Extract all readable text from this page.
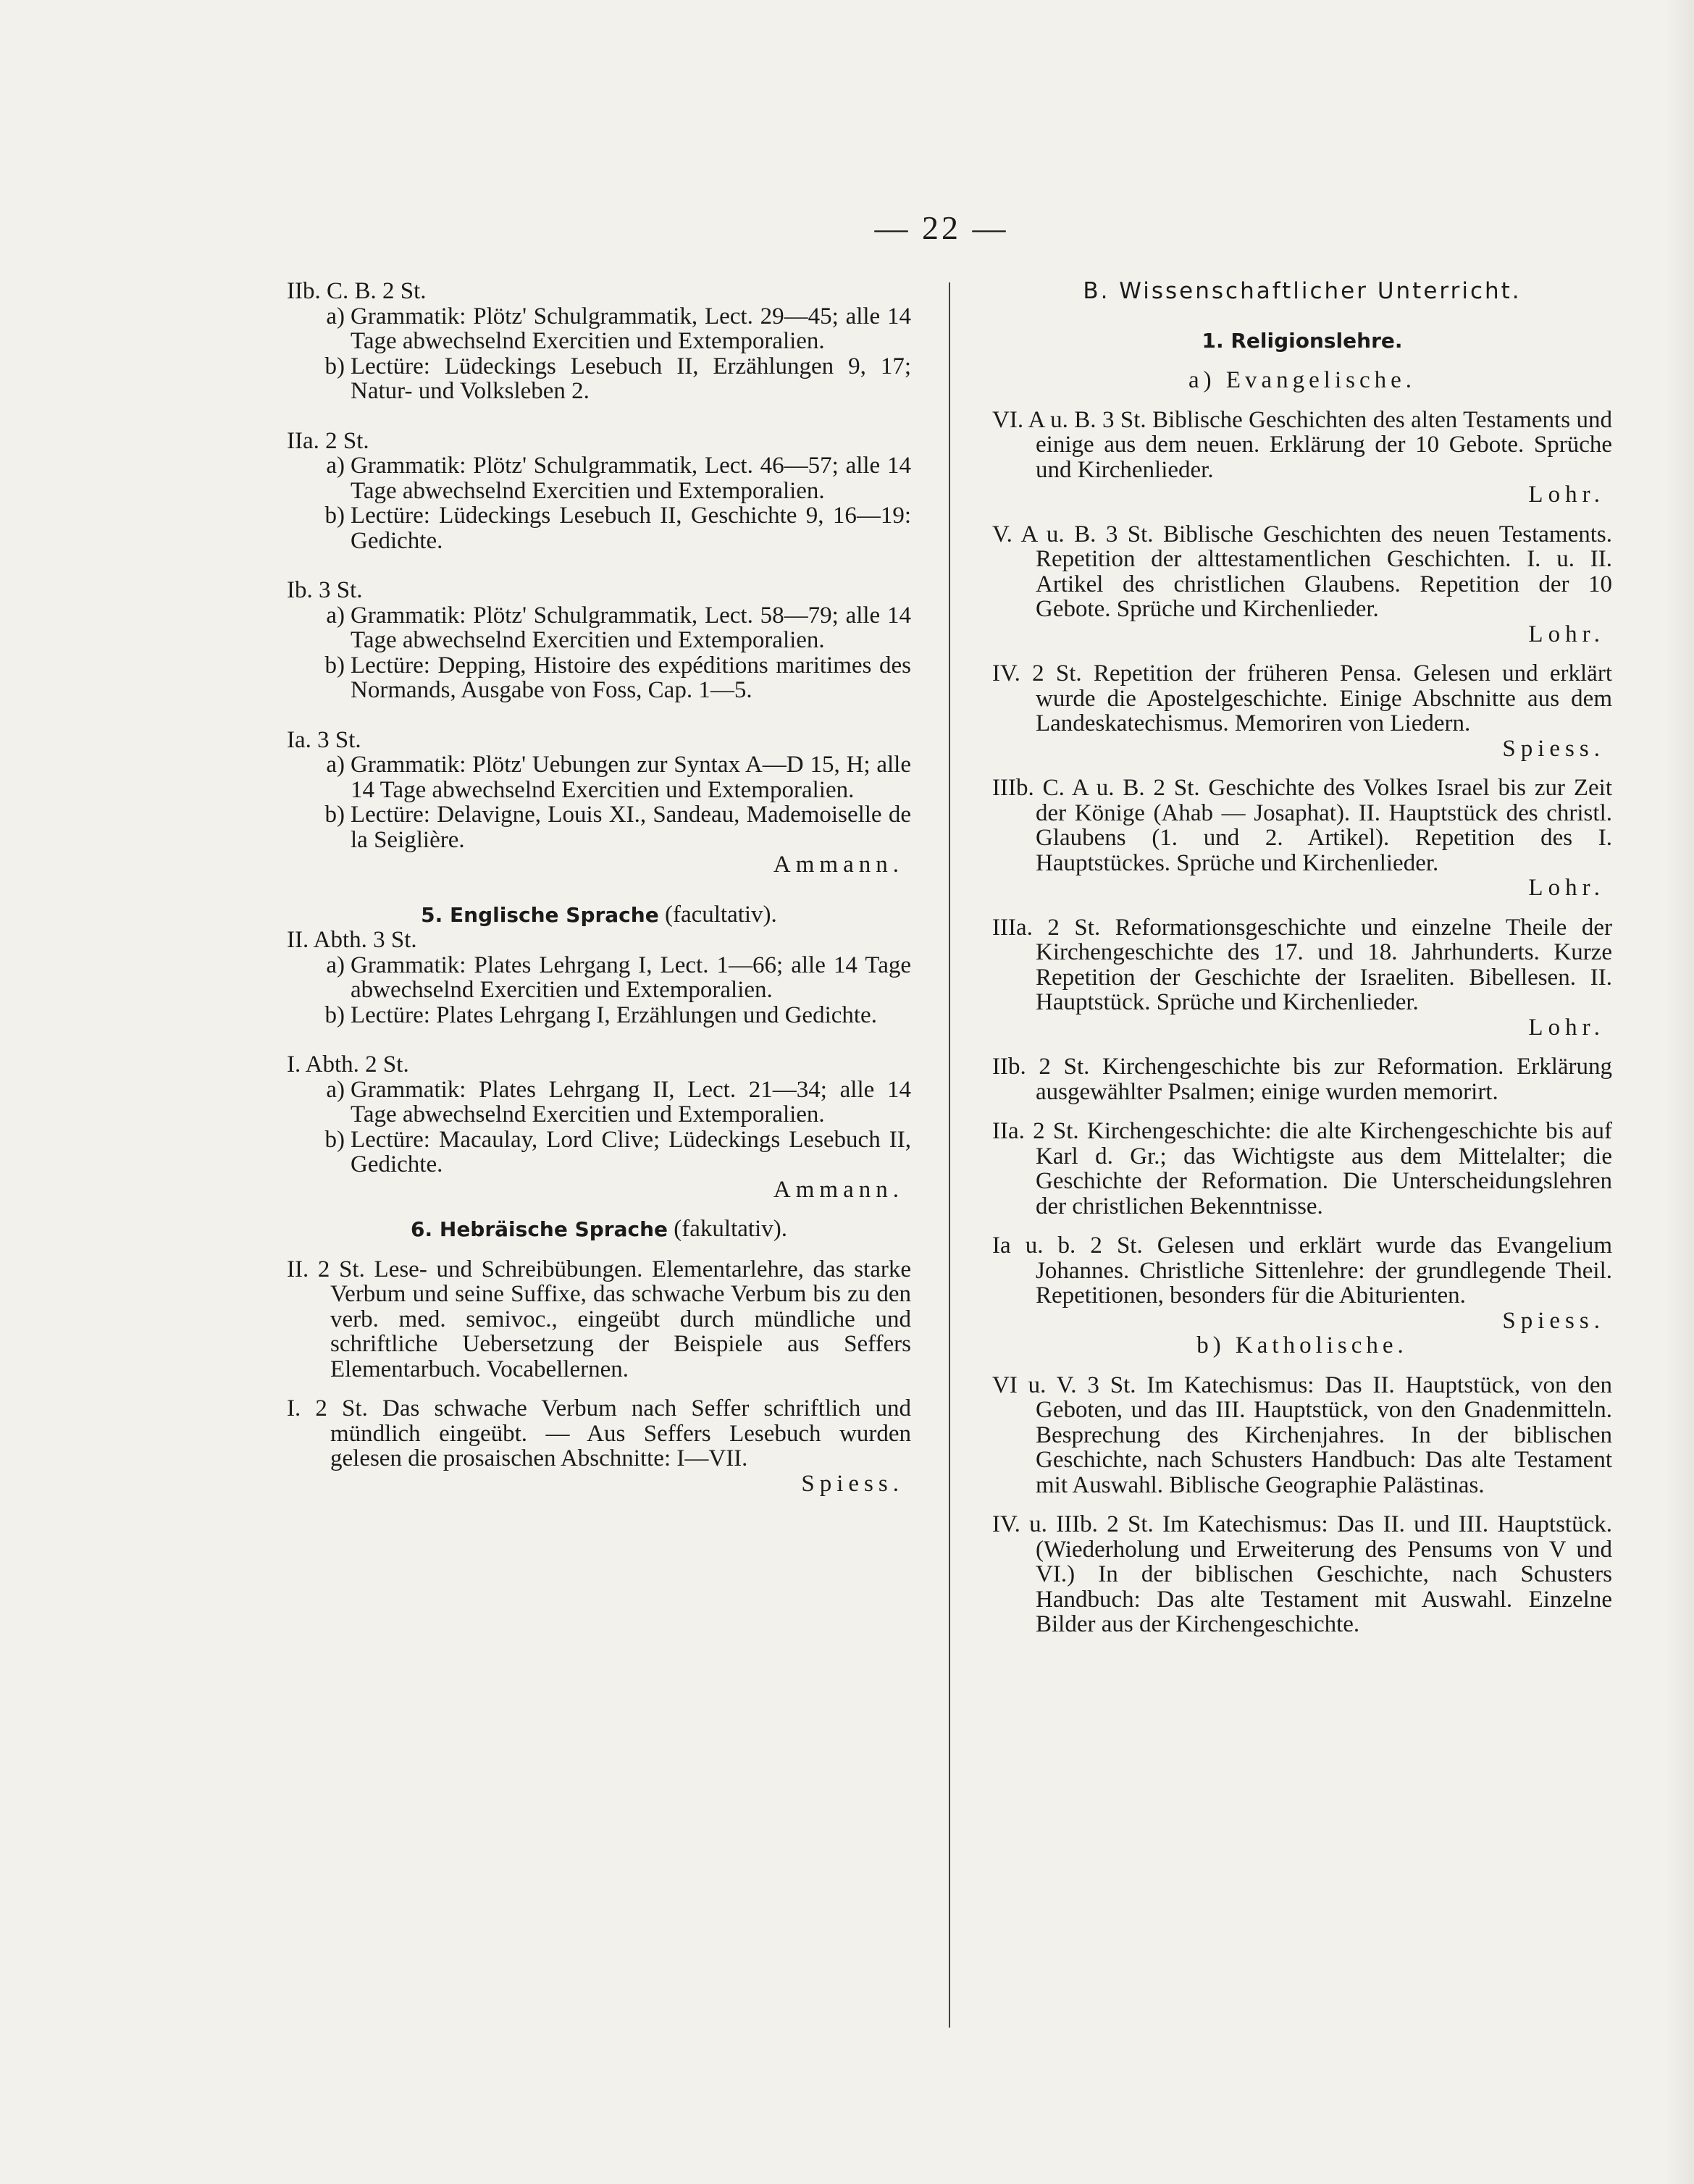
— 22 —

IIb. C. B. 2 St.

a) Grammatik: Plötz' Schulgrammatik, Lect. 29—45; alle 14 Tage abwechselnd Exercitien und Extemporalien.
b) Lectüre: Lüdeckings Lesebuch II, Erzählungen 9, 17; Natur- und Volksleben 2.

IIa. 2 St.

a) Grammatik: Plötz' Schulgrammatik, Lect. 46—57; alle 14 Tage abwechselnd Exercitien und Extemporalien.
b) Lectüre: Lüdeckings Lesebuch II, Geschichte 9, 16—19: Gedichte.

Ib. 3 St.

a) Grammatik: Plötz' Schulgrammatik, Lect. 58—79; alle 14 Tage abwechselnd Exercitien und Extemporalien.
b) Lectüre: Depping, Histoire des expéditions maritimes des Normands, Ausgabe von Foss, Cap. 1—5.

Ia. 3 St.

a) Grammatik: Plötz' Uebungen zur Syntax A—D 15, H; alle 14 Tage abwechselnd Exercitien und Extemporalien.
b) Lectüre: Delavigne, Louis XI., Sandeau, Mademoiselle de la Seiglière.

Ammann.

5. Englische Sprache (facultativ).

II. Abth. 3 St.

a) Grammatik: Plates Lehrgang I, Lect. 1—66; alle 14 Tage abwechselnd Exercitien und Extemporalien.
b) Lectüre: Plates Lehrgang I, Erzählungen und Gedichte.

I. Abth. 2 St.

a) Grammatik: Plates Lehrgang II, Lect. 21—34; alle 14 Tage abwechselnd Exercitien und Extemporalien.
b) Lectüre: Macaulay, Lord Clive; Lüdeckings Lesebuch II, Gedichte.

Ammann.

6. Hebräische Sprache (fakultativ).

II. 2 St. Lese- und Schreibübungen. Elementarlehre, das starke Verbum und seine Suffixe, das schwache Verbum bis zu den verb. med. semivoc., eingeübt durch mündliche und schriftliche Uebersetzung der Beispiele aus Seffers Elementarbuch. Vocabellernen.

I. 2 St. Das schwache Verbum nach Seffer schriftlich und mündlich eingeübt. — Aus Seffers Lesebuch wurden gelesen die prosaischen Abschnitte: I—VII.

Spiess.

B. Wissenschaftlicher Unterricht.

1. Religionslehre.

a) Evangelische.

VI. A u. B. 3 St. Biblische Geschichten des alten Testaments und einige aus dem neuen. Erklärung der 10 Gebote. Sprüche und Kirchenlieder.

Lohr.

V. A u. B. 3 St. Biblische Geschichten des neuen Testaments. Repetition der alttestamentlichen Geschichten. I. u. II. Artikel des christlichen Glaubens. Repetition der 10 Gebote. Sprüche und Kirchenlieder.

Lohr.

IV. 2 St. Repetition der früheren Pensa. Gelesen und erklärt wurde die Apostelgeschichte. Einige Abschnitte aus dem Landeskatechismus. Memoriren von Liedern.

Spiess.

IIIb. C. A u. B. 2 St. Geschichte des Volkes Israel bis zur Zeit der Könige (Ahab — Josaphat). II. Hauptstück des christl. Glaubens (1. und 2. Artikel). Repetition des I. Hauptstückes. Sprüche und Kirchenlieder.

Lohr.

IIIa. 2 St. Reformationsgeschichte und einzelne Theile der Kirchengeschichte des 17. und 18. Jahrhunderts. Kurze Repetition der Geschichte der Israeliten. Bibellesen. II. Hauptstück. Sprüche und Kirchenlieder.

Lohr.

IIb. 2 St. Kirchengeschichte bis zur Reformation. Erklärung ausgewählter Psalmen; einige wurden memorirt.

IIa. 2 St. Kirchengeschichte: die alte Kirchengeschichte bis auf Karl d. Gr.; das Wichtigste aus dem Mittelalter; die Geschichte der Reformation. Die Unterscheidungslehren der christlichen Bekenntnisse.

Ia u. b. 2 St. Gelesen und erklärt wurde das Evangelium Johannes. Christliche Sittenlehre: der grundlegende Theil. Repetitionen, besonders für die Abiturienten.

Spiess.

b) Katholische.

VI u. V. 3 St. Im Katechismus: Das II. Hauptstück, von den Geboten, und das III. Hauptstück, von den Gnadenmitteln. Besprechung des Kirchenjahres. In der biblischen Geschichte, nach Schusters Handbuch: Das alte Testament mit Auswahl. Biblische Geographie Palästinas.

IV. u. IIIb. 2 St. Im Katechismus: Das II. und III. Hauptstück. (Wiederholung und Erweiterung des Pensums von V und VI.) In der biblischen Geschichte, nach Schusters Handbuch: Das alte Testament mit Auswahl. Einzelne Bilder aus der Kirchengeschichte.
